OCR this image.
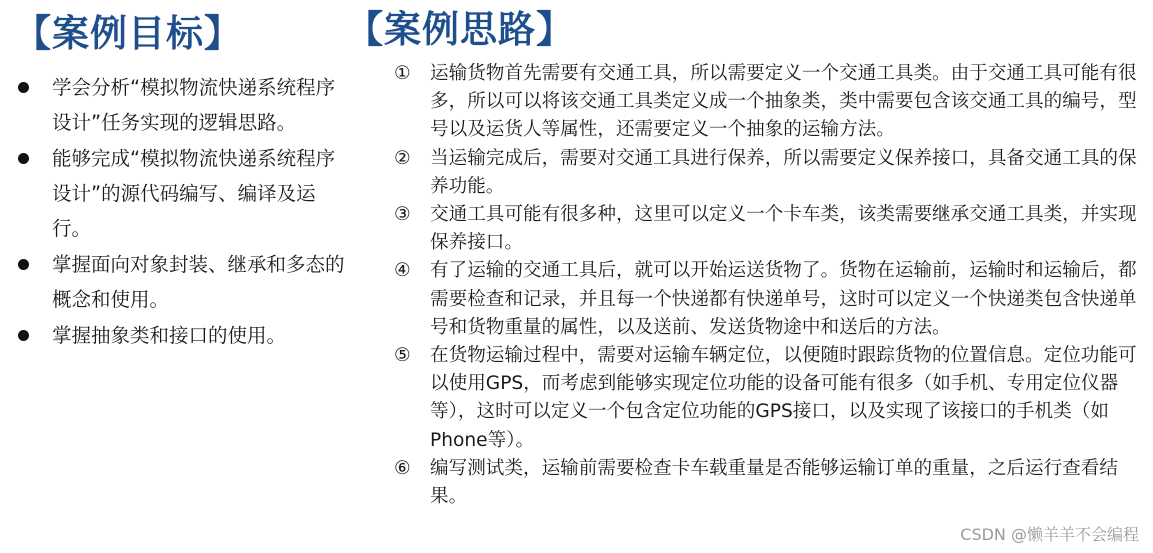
【案例目标】	【案例思路】
学会分析“模拟物流快递系统程序设计”任务实现的逻辑思路。
能够完成“模拟物流快递系统程序设计”的源代码编写、编译及运行。
掌握面向对象封装、继承和多态的概念和使用。
掌握抽象类和接口的使用。
①	运输货物首先需要有交通工具，所以需要定义一个交通工具类。由于交通工具可能有很多，所以可以将该交通工具类定义成一个抽象类，类中需要包含该交通工具的编号，型号以及运货人等属性，还需要定义一个抽象的运输方法。
②	当运输完成后，需要对交通工具进行保养，所以需要定义保养接口，具备交通工具的保养功能。
③	交通工具可能有很多种，这里可以定义一个卡车类，该类需要继承交通工具类，并实现保养接口。
④	有了运输的交通工具后，就可以开始运送货物了。货物在运输前，运输时和运输后，都需要检查和记录，并且每一个快递都有快递单号，这时可以定义一个快递类包含快递单号和货物重量的属性，以及送前、发送货物途中和送后的方法。
⑤	在货物运输过程中，需要对运输车辆定位，以便随时跟踪货物的位置信息。定位功能可以使用GPS，而考虑到能够实现定位功能的设备可能有很多（如手机、专用定位仪器等），这时可以定义一个包含定位功能的GPS接口，以及实现了该接口的手机类（如Phone等）。
⑥	编写测试类，运输前需要检查卡车载重量是否能够运输订单的重量，之后运行查看结果。
CSDN @懒羊羊不会编程
